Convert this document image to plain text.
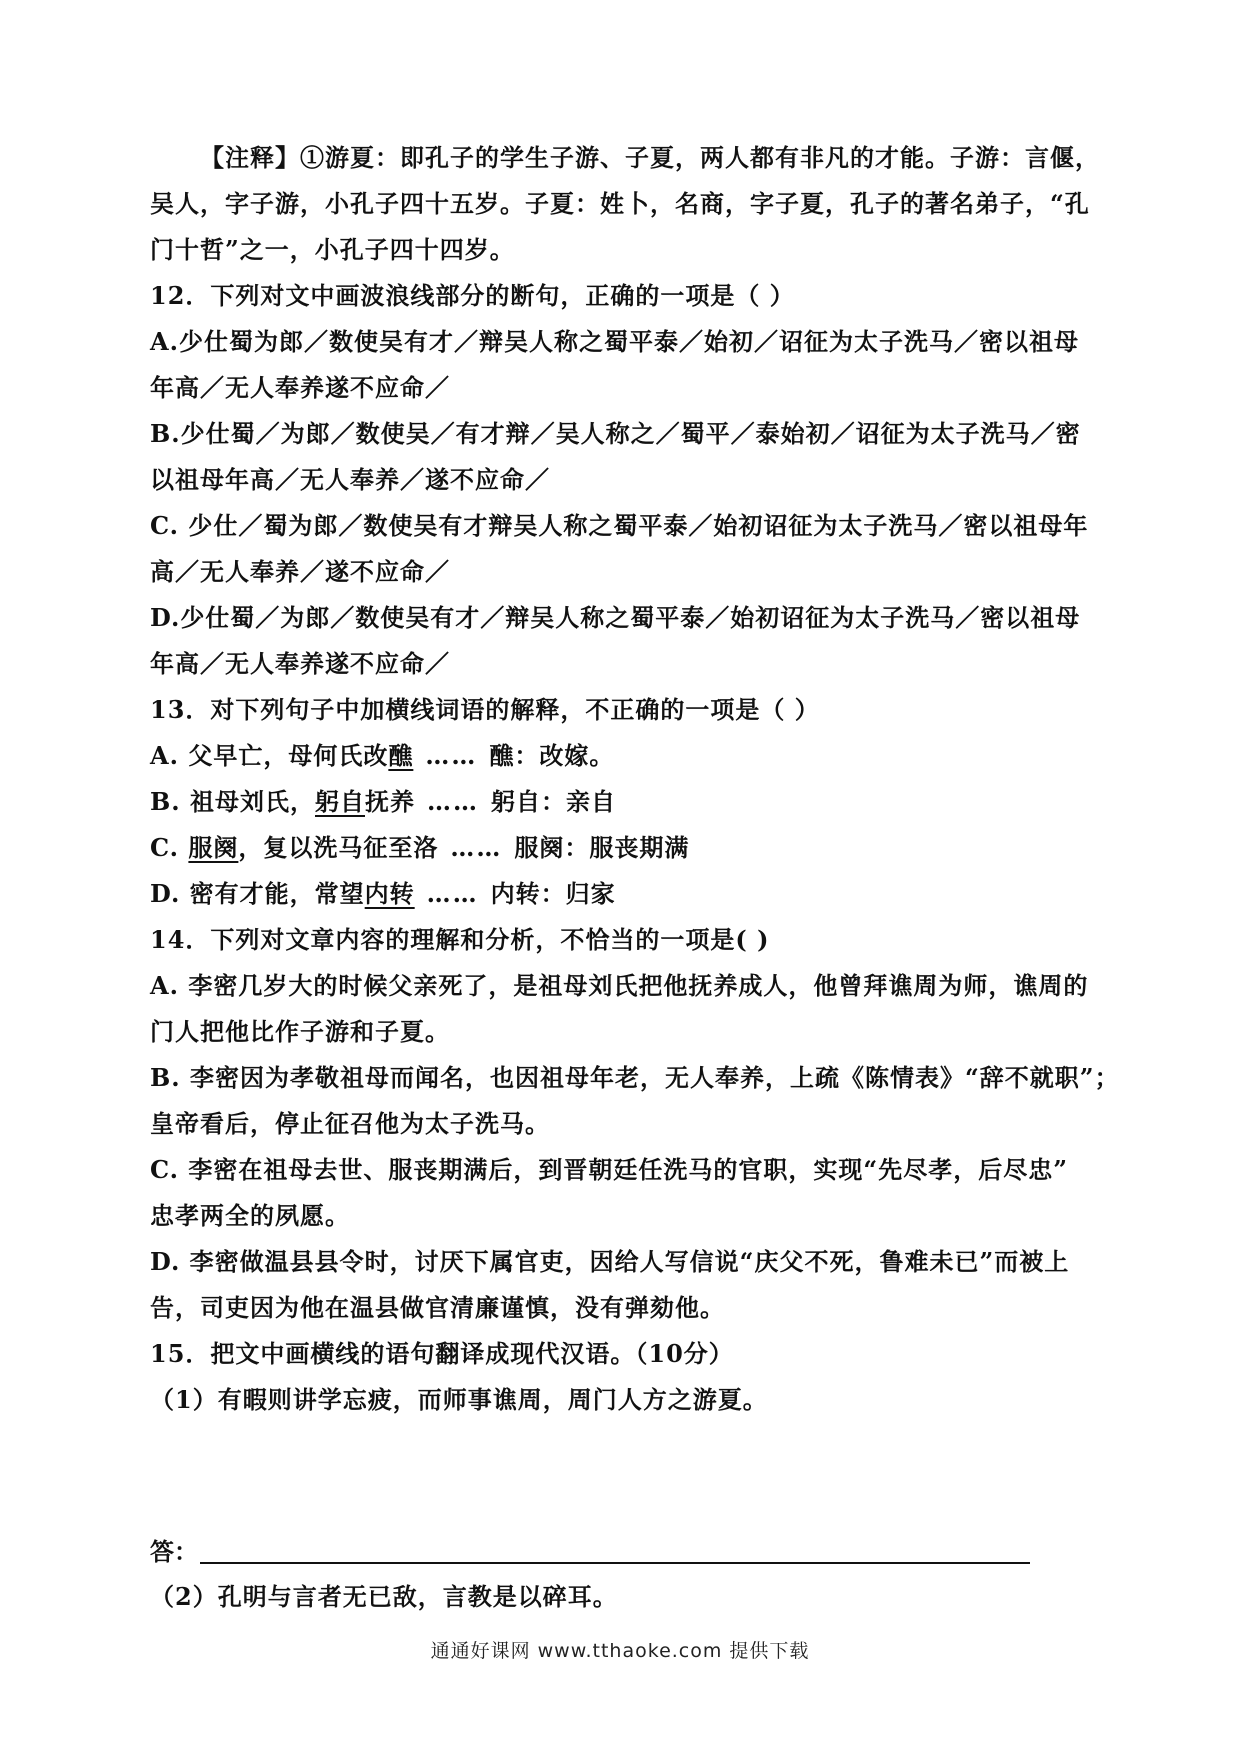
【注释】①游夏：即孔子的学生子游、子夏，两人都有非凡的才能。子游：言偃，
吴人，字子游，小孔子四十五岁。子夏：姓卜，名商，字子夏，孔子的著名弟子，“孔
门十哲”之一，小孔子四十四岁。
12．下列对文中画波浪线部分的断句，正确的一项是（ ）
A.少仕蜀为郎／数使吴有才／辩吴人称之蜀平泰／始初／诏征为太子洗马／密以祖母
年高／无人奉养遂不应命／
B.少仕蜀／为郎／数使吴／有才辩／吴人称之／蜀平／泰始初／诏征为太子洗马／密
以祖母年高／无人奉养／遂不应命／
C. 少仕／蜀为郎／数使吴有才辩吴人称之蜀平泰／始初诏征为太子洗马／密以祖母年
高／无人奉养／遂不应命／
D.少仕蜀／为郎／数使吴有才／辩吴人称之蜀平泰／始初诏征为太子洗马／密以祖母
年高／无人奉养遂不应命／
13．对下列句子中加横线词语的解释，不正确的一项是（ ）
A. 父早亡，母何氏改醮 …… 醮：改嫁。
B. 祖母刘氏，躬自抚养 …… 躬自：亲自
C. 服阕，复以洗马征至洛 …… 服阕：服丧期满
D. 密有才能，常望内转 …… 内转：归家
14．下列对文章内容的理解和分析，不恰当的一项是( )
A. 李密几岁大的时候父亲死了，是祖母刘氏把他抚养成人，他曾拜谯周为师，谯周的
门人把他比作子游和子夏。
B. 李密因为孝敬祖母而闻名，也因祖母年老，无人奉养，上疏《陈情表》“辞不就职”；
皇帝看后，停止征召他为太子洗马。
C. 李密在祖母去世、服丧期满后，到晋朝廷任洗马的官职，实现“先尽孝，后尽忠”
忠孝两全的夙愿。
D. 李密做温县县令时，讨厌下属官吏，因给人写信说“庆父不死，鲁难未已”而被上
告，司吏因为他在温县做官清廉谨慎，没有弹劾他。
15．把文中画横线的语句翻译成现代汉语。（10分）
（1）有暇则讲学忘疲，而师事谯周，周门人方之游夏。
答：
（2）孔明与言者无已敌，言教是以碎耳。
通通好课网 www.tthaoke.com 提供下载
